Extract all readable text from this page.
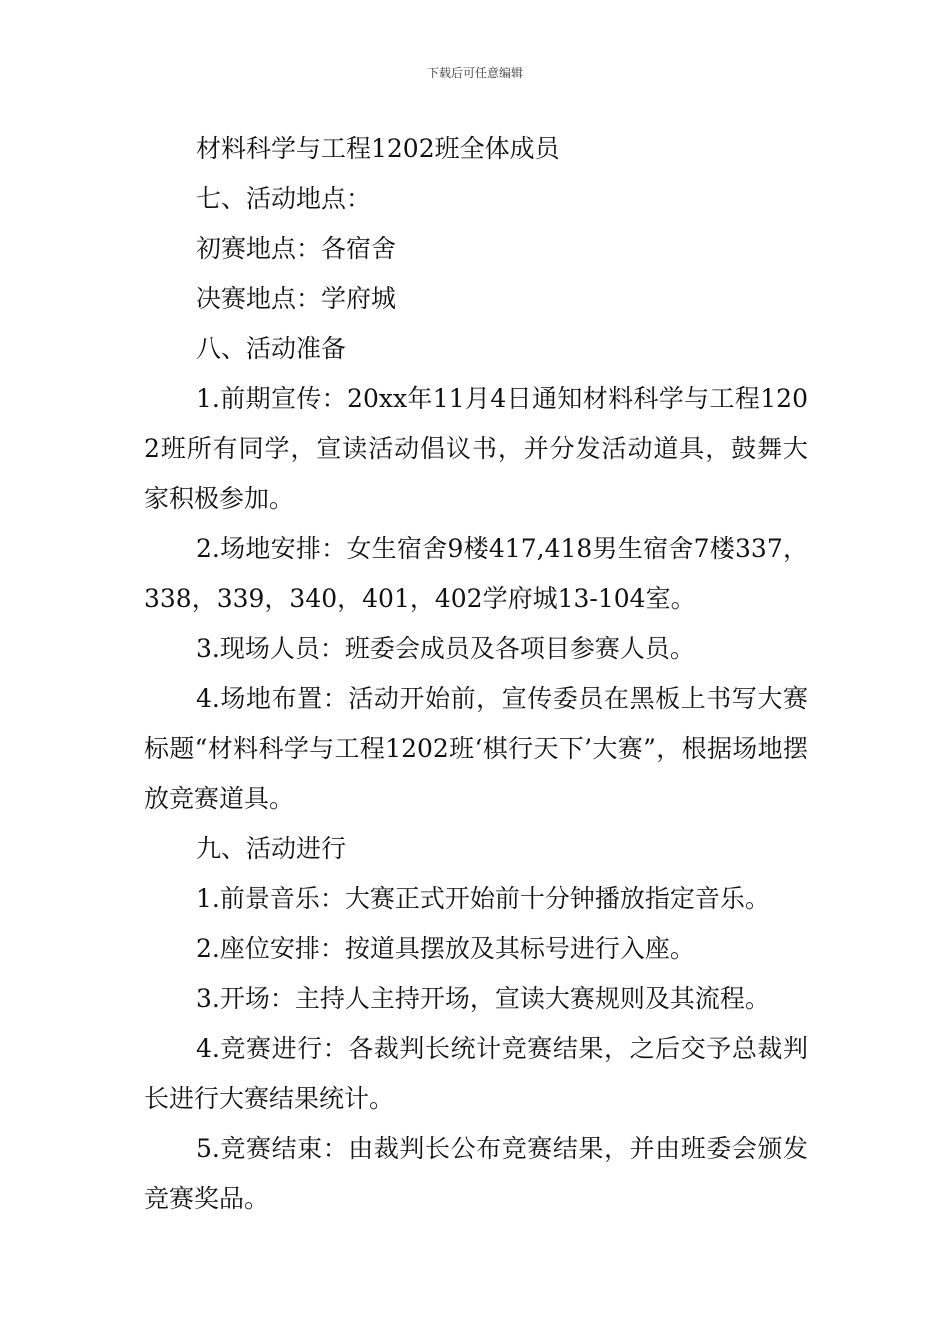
下载后可任意编辑

材料科学与工程1202班全体成员

七、活动地点：

初赛地点：各宿舍

决赛地点：学府城

八、活动准备

1.前期宣传：20xx年11月4日通知材料科学与工程1202班所有同学，宣读活动倡议书，并分发活动道具，鼓舞大家积极参加。

2.场地安排：女生宿舍9楼417,418男生宿舍7楼337，338，339，340，401，402学府城13-104室。

3.现场人员：班委会成员及各项目参赛人员。

4.场地布置：活动开始前，宣传委员在黑板上书写大赛标题“材料科学与工程1202班‘棋行天下’大赛”，根据场地摆放竞赛道具。

九、活动进行

1.前景音乐：大赛正式开始前十分钟播放指定音乐。

2.座位安排：按道具摆放及其标号进行入座。

3.开场：主持人主持开场，宣读大赛规则及其流程。

4.竞赛进行：各裁判长统计竞赛结果，之后交予总裁判长进行大赛结果统计。

5.竞赛结束：由裁判长公布竞赛结果，并由班委会颁发竞赛奖品。
